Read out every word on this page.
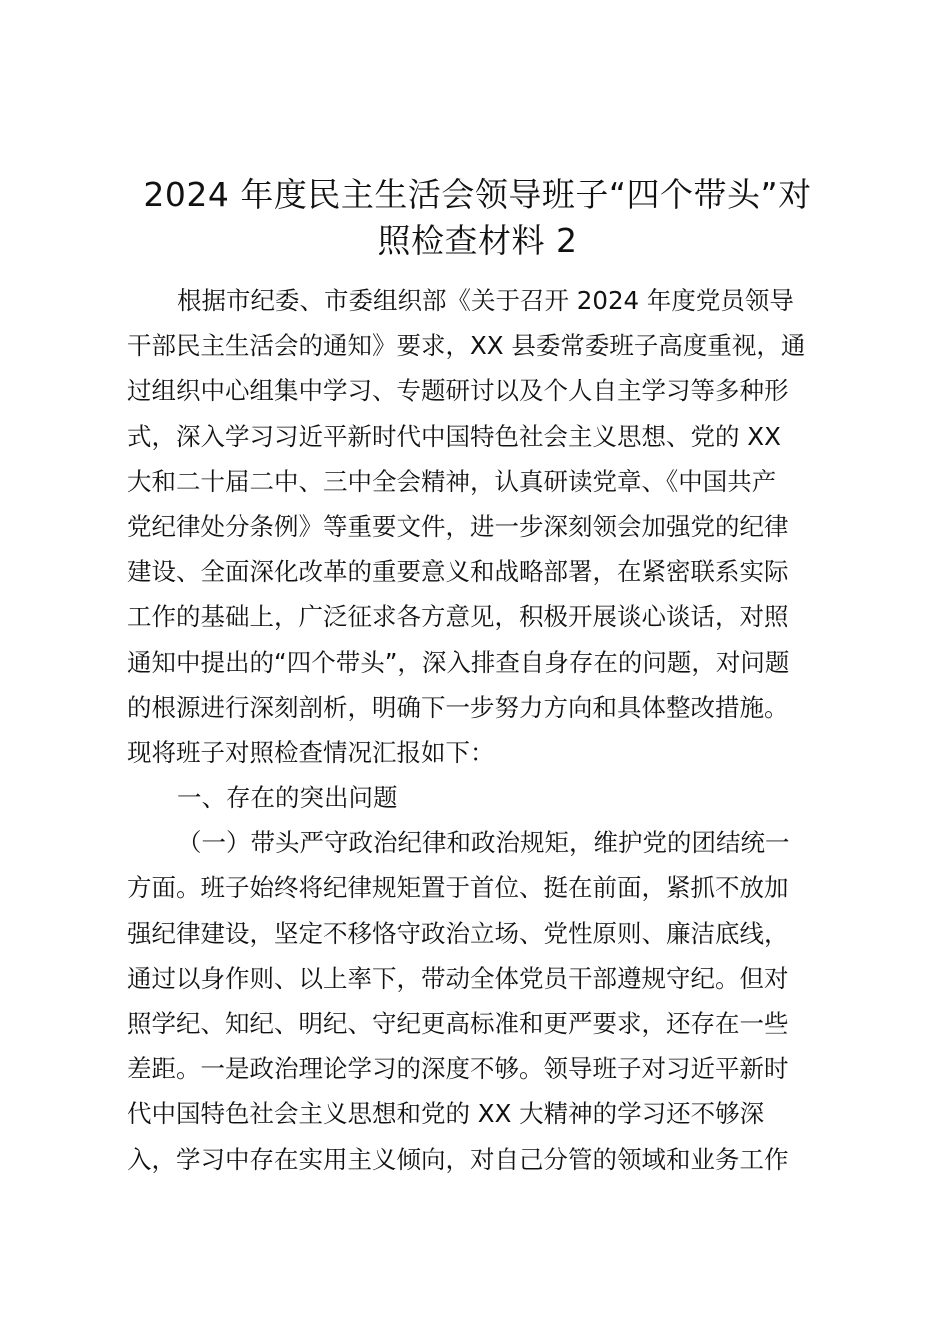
2024 年度民主生活会领导班子“四个带头”对
照检查材料 2
根据市纪委、市委组织部《关于召开 2024 年度党员领导
干部民主生活会的通知》要求，XX 县委常委班子高度重视，通
过组织中心组集中学习、专题研讨以及个人自主学习等多种形
式，深入学习习近平新时代中国特色社会主义思想、党的 XX
大和二十届二中、三中全会精神，认真研读党章、《中国共产
党纪律处分条例》等重要文件，进一步深刻领会加强党的纪律
建设、全面深化改革的重要意义和战略部署，在紧密联系实际
工作的基础上，广泛征求各方意见，积极开展谈心谈话，对照
通知中提出的“四个带头”，深入排查自身存在的问题，对问题
的根源进行深刻剖析，明确下一步努力方向和具体整改措施。
现将班子对照检查情况汇报如下：
一、存在的突出问题
（一）带头严守政治纪律和政治规矩，维护党的团结统一
方面。班子始终将纪律规矩置于首位、挺在前面，紧抓不放加
强纪律建设，坚定不移恪守政治立场、党性原则、廉洁底线，
通过以身作则、以上率下，带动全体党员干部遵规守纪。但对
照学纪、知纪、明纪、守纪更高标准和更严要求，还存在一些
差距。一是政治理论学习的深度不够。领导班子对习近平新时
代中国特色社会主义思想和党的 XX 大精神的学习还不够深
入，学习中存在实用主义倾向，对自己分管的领域和业务工作
